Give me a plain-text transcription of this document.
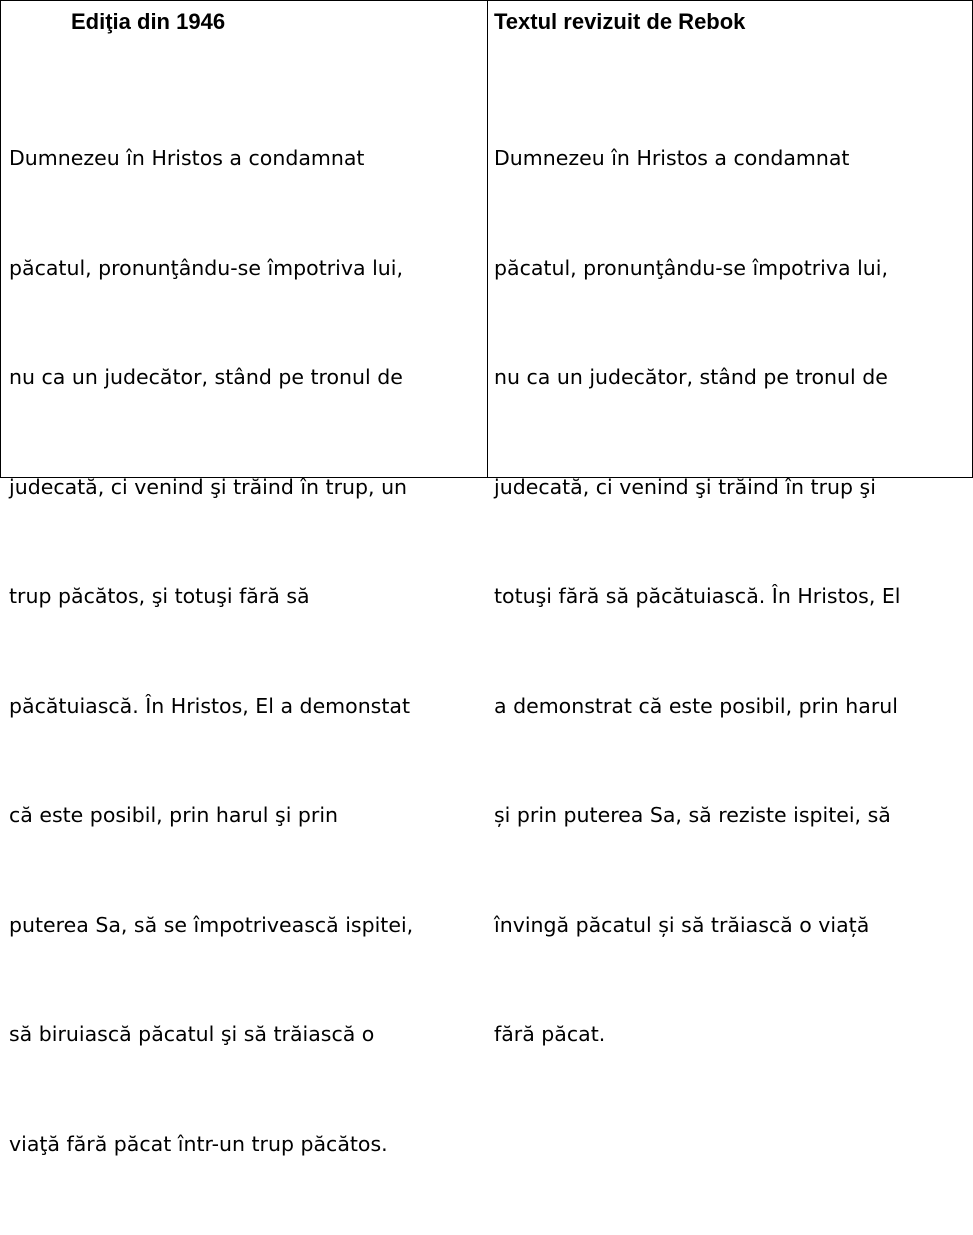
Ediţia din 1946

Dumnezeu în Hristos a condamnat

păcatul, pronunţându-se împotriva lui,

nu ca un judecător, stând pe tronul de

judecată, ci venind şi trăind în trup, un

trup păcătos, şi totuşi fără să

păcătuiască. În Hristos, El a demonstat

că este posibil, prin harul şi prin

puterea Sa, să se împotrivească ispitei,

să biruiască păcatul şi să trăiască o

viaţă fără păcat într-un trup păcătos.

Textul revizuit de Rebok

Dumnezeu în Hristos a condamnat

păcatul, pronunţându-se împotriva lui,

nu ca un judecător, stând pe tronul de

judecată, ci venind şi trăind în trup şi

totuşi fără să păcătuiască. În Hristos, El

a demonstrat că este posibil, prin harul

și prin puterea Sa, să reziste ispitei, să

învingă păcatul și să trăiască o viață

fără păcat.
